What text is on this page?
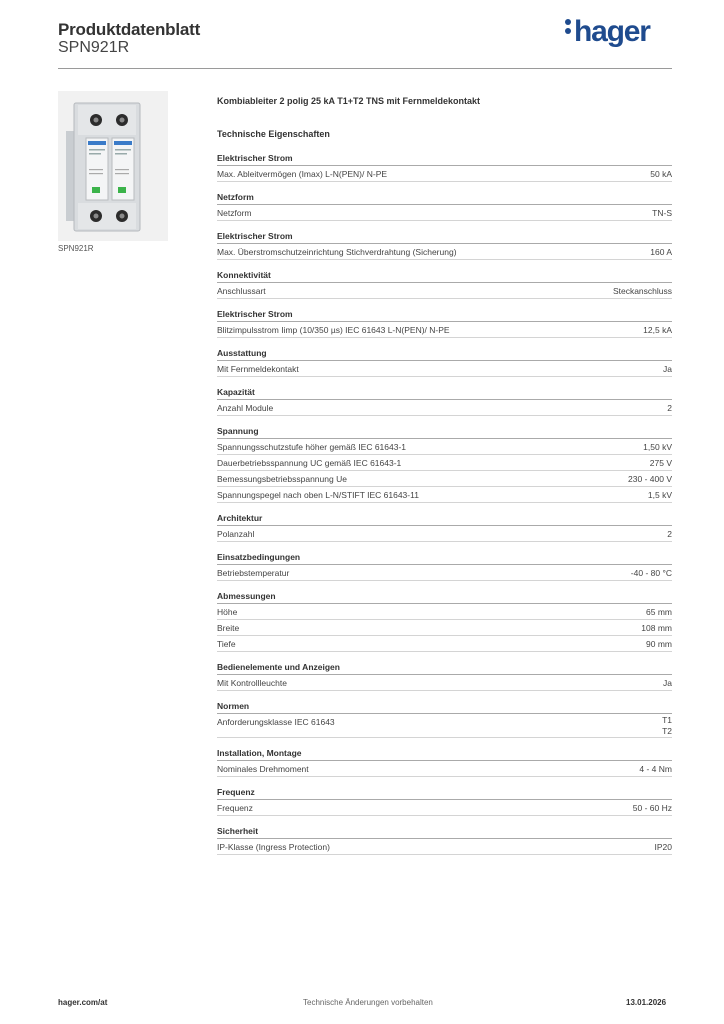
Produktdatenblatt
SPN921R	hager
SPN921R
Kombiableiter 2 polig 25 kA T1+T2 TNS mit Fernmeldekontakt
Technische Eigenschaften
Elektrischer Strom
Max. Ableitvermögen (Imax) L-N(PEN)/ N-PE	50 kA
Netzform
Netzform	TN-S
Elektrischer Strom
Max. Überstromschutzeinrichtung Stichverdrahtung (Sicherung)	160 A
Konnektivität
Anschlussart	Steckanschluss
Elektrischer Strom
Blitzimpulsstrom Iimp (10/350 µs) IEC 61643 L-N(PEN)/ N-PE	12,5 kA
Ausstattung
Mit Fernmeldekontakt	Ja
Kapazität
Anzahl Module	2
Spannung
Spannungsschutzstufe höher gemäß IEC 61643-1	1,50 kV
Dauerbetriebsspannung UC gemäß IEC 61643-1	275 V
Bemessungsbetriebsspannung Ue	230 - 400 V
Spannungspegel nach oben L-N/STIFT IEC 61643-11	1,5 kV
Architektur
Polanzahl	2
Einsatzbedingungen
Betriebstemperatur	-40 - 80 °C
Abmessungen
Höhe	65 mm
Breite	108 mm
Tiefe	90 mm
Bedienelemente und Anzeigen
Mit Kontrollleuchte	Ja
Normen
Anforderungsklasse IEC 61643	T1
T2
Installation, Montage
Nominales Drehmoment	4 - 4 Nm
Frequenz
Frequenz	50 - 60 Hz
Sicherheit
IP-Klasse (Ingress Protection)	IP20
hager.com/at	Technische Änderungen vorbehalten	13.01.2026
